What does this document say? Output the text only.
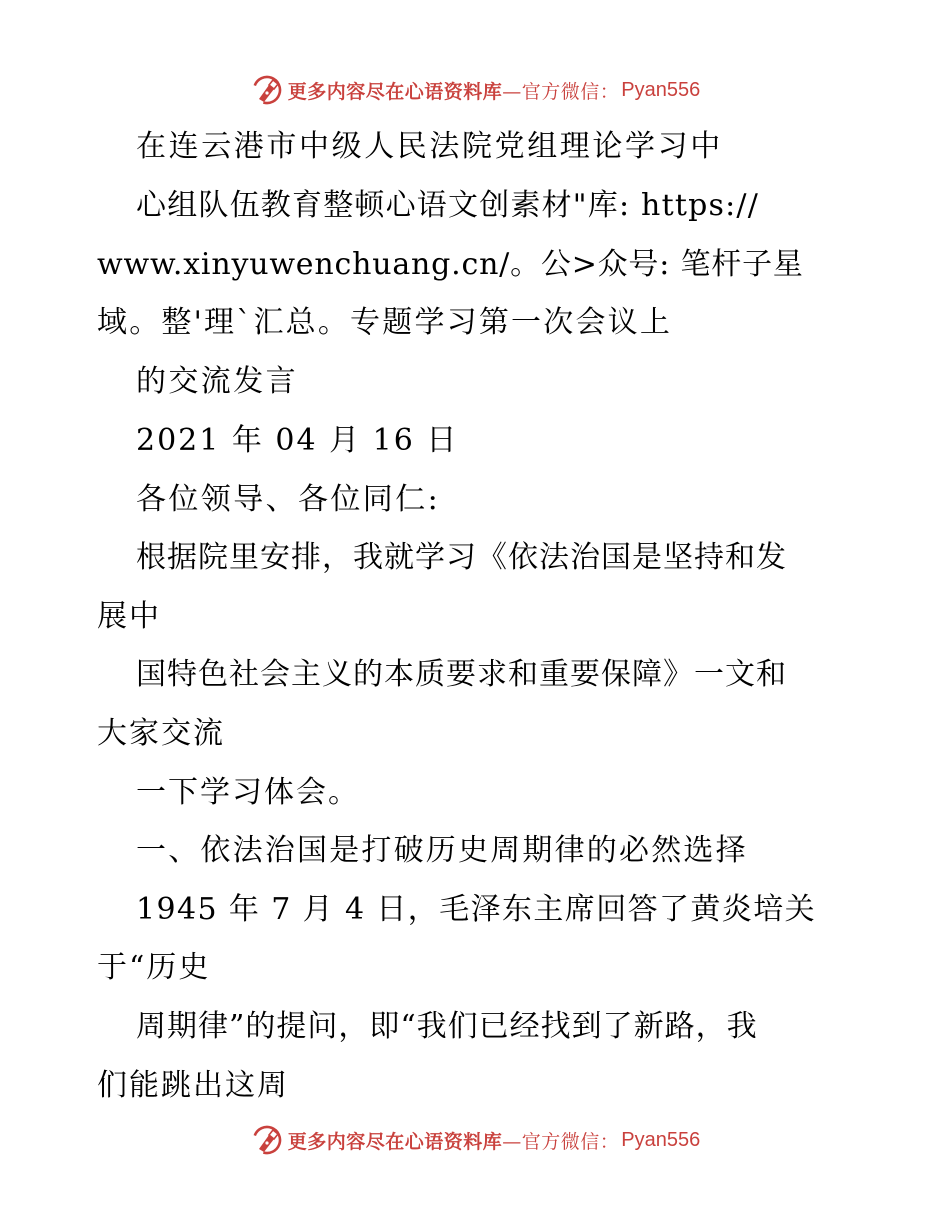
更多内容尽在心语资料库 —官方微信： Pyan556

在连云港市中级人民法院党组理论学习中

心组队伍教育整顿心语文创素材"库: https://

www.xinyuwenchuang.cn/。公>众号: 笔杆子星

域。整'理`汇总。专题学习第一次会议上

的交流发言

2021 年 04 月 16 日

各位领导、各位同仁:

根据院里安排，我就学习《依法治国是坚持和发

展中

国特色社会主义的本质要求和重要保障》一文和

大家交流

一下学习体会。

一、依法治国是打破历史周期律的必然选择

1945 年 7 月 4 日，毛泽东主席回答了黄炎培关

于“历史

周期律”的提问，即“我们已经找到了新路，我

们能跳出这周

更多内容尽在心语资料库 —官方微信： Pyan556
